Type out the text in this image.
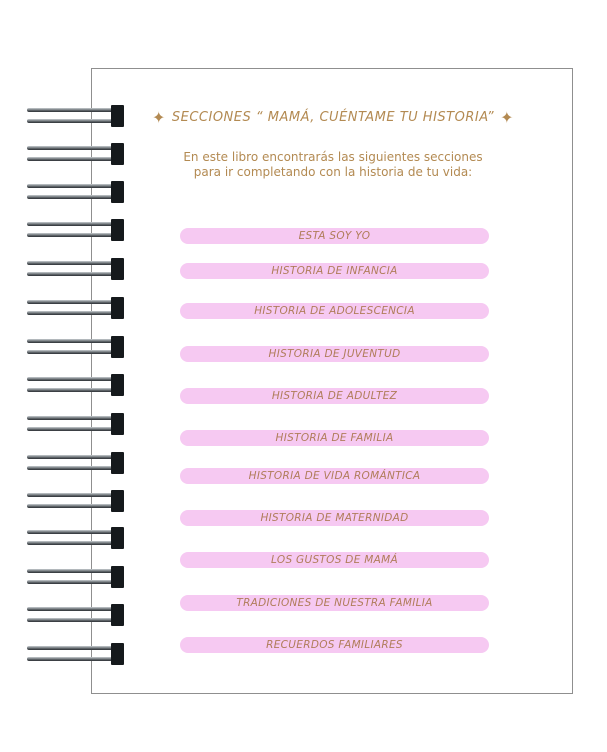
✦ SECCIONES “ MAMÁ, CUÉNTAME TU HISTORIA” ✦
En este libro encontrarás las siguientes secciones
para ir completando con la historia de tu vida:
ESTA SOY YO
HISTORIA DE INFANCIA
HISTORIA DE ADOLESCENCIA
HISTORIA DE JUVENTUD
HISTORIA DE ADULTEZ
HISTORIA DE FAMILIA
HISTORIA DE VIDA ROMÁNTICA
HISTORIA DE MATERNIDAD
LOS GUSTOS DE MAMÁ
TRADICIONES DE NUESTRA FAMILIA
RECUERDOS FAMILIARES
